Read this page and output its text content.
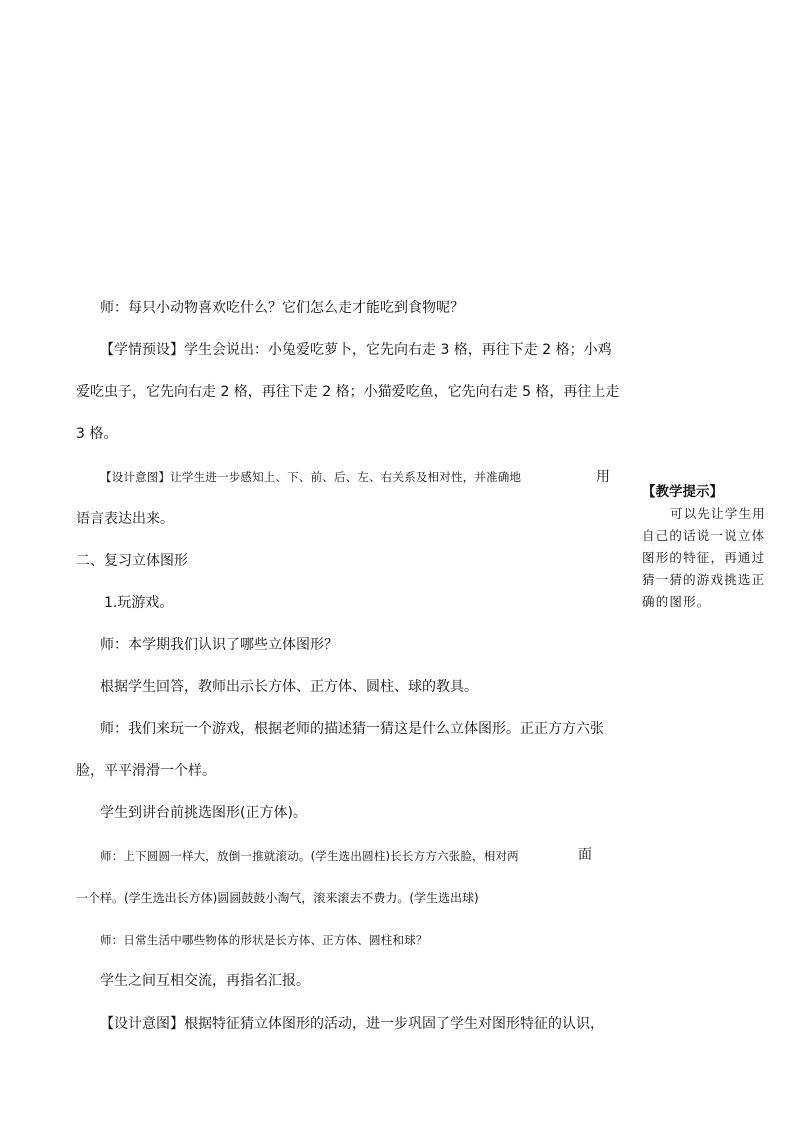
师：每只小动物喜欢吃什么？它们怎么走才能吃到食物呢？
【学情预设】学生会说出：小兔爱吃萝卜，它先向右走 3 格，再往下走 2 格；小鸡
爱吃虫子，它先向右走 2 格，再往下走 2 格；小猫爱吃鱼，它先向右走 5 格，再往上走
3 格。
【设计意图】让学生进一步感知上、下、前、后、左、右关系及相对性，并准确地	用
语言表达出来。
二、复习立体图形
1.玩游戏。
师：本学期我们认识了哪些立体图形？
根据学生回答，教师出示长方体、正方体、圆柱、球的教具。
师：我们来玩一个游戏，根据老师的描述猜一猜这是什么立体图形。正正方方六张
脸，平平滑滑一个样。
学生到讲台前挑选图形(正方体)。
师：上下圆圆一样大，放倒一推就滚动。(学生选出圆柱)长长方方六张脸，相对两	面
一个样。(学生选出长方体)圆圆鼓鼓小淘气，滚来滚去不费力。(学生选出球)
师：日常生活中哪些物体的形状是长方体、正方体、圆柱和球？
学生之间互相交流，再指名汇报。
【设计意图】根据特征猜立体图形的活动，进一步巩固了学生对图形特征的认识，
【教学提示】
可以先让学生用自己的话说一说立体图形的特征，再通过猜一猜的游戏挑选正确的图形。
